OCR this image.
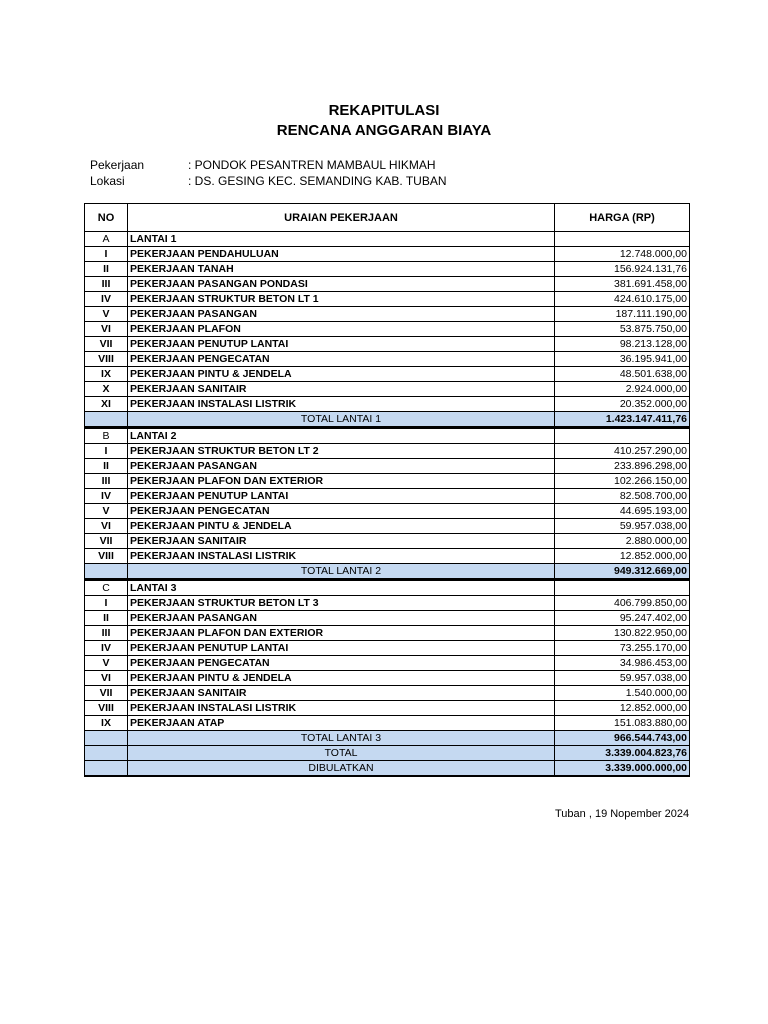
REKAPITULASI
RENCANA ANGGARAN BIAYA
Pekerjaan	: PONDOK PESANTREN MAMBAUL HIKMAH
Lokasi	: DS. GESING KEC. SEMANDING KAB. TUBAN
NO	URAIAN PEKERJAAN	HARGA (RP)
A	LANTAI 1	
I	PEKERJAAN PENDAHULUAN	12.748.000,00
II	PEKERJAAN TANAH	156.924.131,76
III	PEKERJAAN PASANGAN PONDASI	381.691.458,00
IV	PEKERJAAN STRUKTUR BETON LT 1	424.610.175,00
V	PEKERJAAN PASANGAN	187.111.190,00
VI	PEKERJAAN PLAFON	53.875.750,00
VII	PEKERJAAN PENUTUP LANTAI	98.213.128,00
VIII	PEKERJAAN PENGECATAN	36.195.941,00
IX	PEKERJAAN PINTU & JENDELA	48.501.638,00
X	PEKERJAAN SANITAIR	2.924.000,00
XI	PEKERJAAN INSTALASI LISTRIK	20.352.000,00
	TOTAL LANTAI 1	1.423.147.411,76
B	LANTAI 2	
I	PEKERJAAN STRUKTUR BETON LT 2	410.257.290,00
II	PEKERJAAN PASANGAN	233.896.298,00
III	PEKERJAAN PLAFON DAN EXTERIOR	102.266.150,00
IV	PEKERJAAN PENUTUP LANTAI	82.508.700,00
V	PEKERJAAN PENGECATAN	44.695.193,00
VI	PEKERJAAN PINTU & JENDELA	59.957.038,00
VII	PEKERJAAN SANITAIR	2.880.000,00
VIII	PEKERJAAN INSTALASI LISTRIK	12.852.000,00
	TOTAL LANTAI 2	949.312.669,00
C	LANTAI 3	
I	PEKERJAAN STRUKTUR BETON LT 3	406.799.850,00
II	PEKERJAAN PASANGAN	95.247.402,00
III	PEKERJAAN PLAFON DAN EXTERIOR	130.822.950,00
IV	PEKERJAAN PENUTUP LANTAI	73.255.170,00
V	PEKERJAAN PENGECATAN	34.986.453,00
VI	PEKERJAAN PINTU & JENDELA	59.957.038,00
VII	PEKERJAAN SANITAIR	1.540.000,00
VIII	PEKERJAAN INSTALASI LISTRIK	12.852.000,00
IX	PEKERJAAN ATAP	151.083.880,00
	TOTAL LANTAI 3	966.544.743,00
	TOTAL	3.339.004.823,76
	DIBULATKAN	3.339.000.000,00
Tuban , 19 Nopember 2024
